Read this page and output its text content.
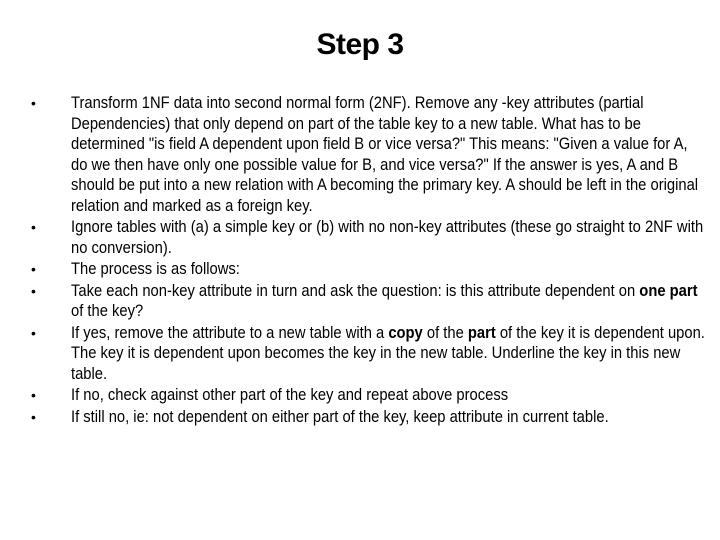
Step 3
• Transform 1NF data into second normal form (2NF). Remove any -key attributes (partial Dependencies) that only depend on part of the table key to a new table. What has to be determined "is field A dependent upon field B or vice versa?" This means: "Given a value for A, do we then have only one possible value for B, and vice versa?" If the answer is yes, A and B should be put into a new relation with A becoming the primary key. A should be left in the original relation and marked as a foreign key.
• Ignore tables with (a) a simple key or (b) with no non-key attributes (these go straight to 2NF with no conversion).
• The process is as follows:
• Take each non-key attribute in turn and ask the question: is this attribute dependent on one part of the key?
• If yes, remove the attribute to a new table with a copy of the part of the key it is dependent upon. The key it is dependent upon becomes the key in the new table. Underline the key in this new table.
• If no, check against other part of the key and repeat above process
• If still no, ie: not dependent on either part of the key, keep attribute in current table.
